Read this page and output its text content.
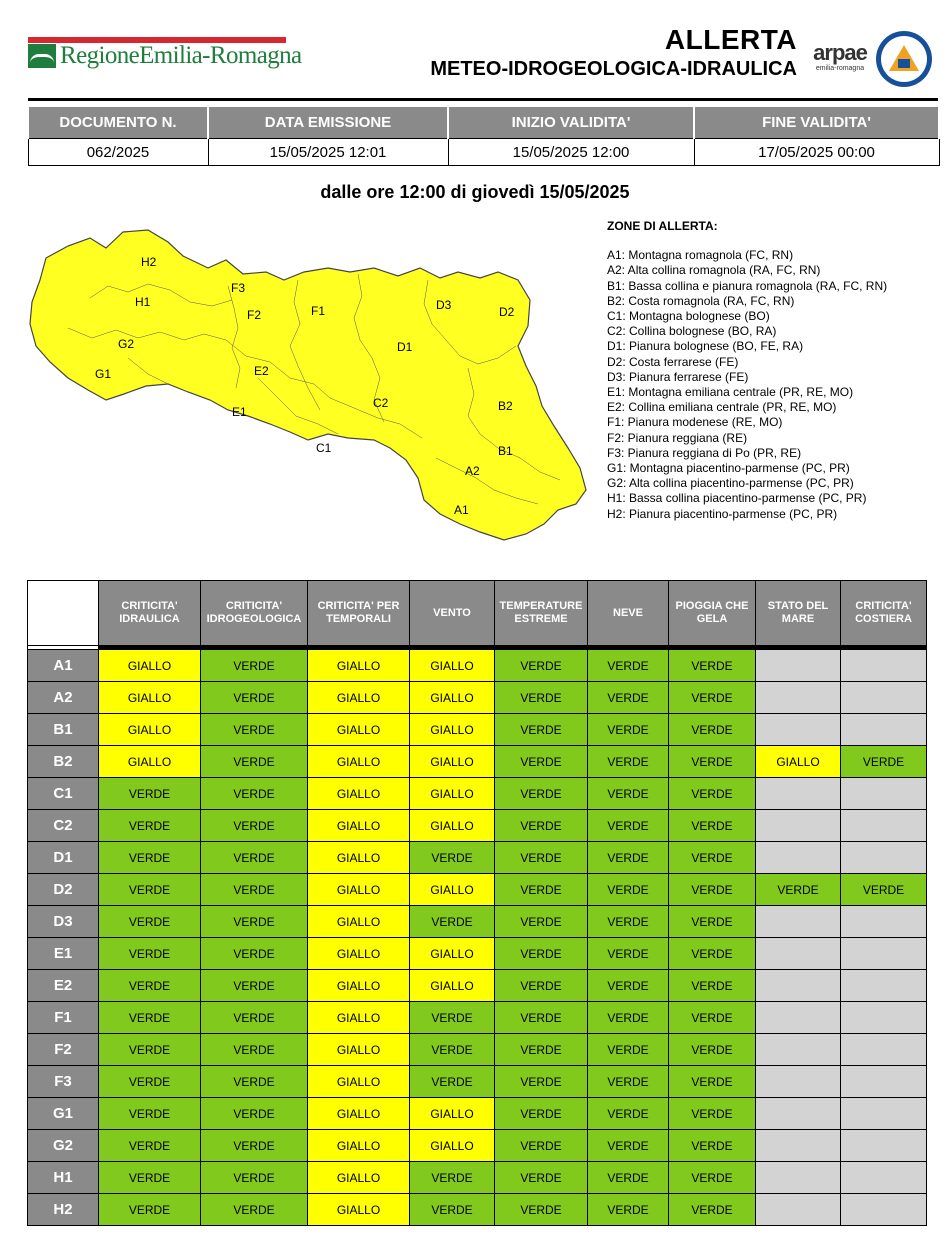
RegioneEmilia-Romagna
ALLERTA
METEO-IDROGEOLOGICA-IDRAULICA
arpae
emilia-romagna
DOCUMENTO N.	DATA EMISSIONE	INIZIO VALIDITA'	FINE VALIDITA'
062/2025	15/05/2025 12:01	15/05/2025 12:00	17/05/2025 00:00
dalle ore 12:00 di giovedì 15/05/2025
H2
F3
H1
F2	F1	D3	D2
G2	D1
G1	E2
E1
C2	B2
C1	B1
A2
A1
ZONE DI ALLERTA:
A1: Montagna romagnola (FC, RN)
A2: Alta collina romagnola (RA, FC, RN)
B1: Bassa collina e pianura romagnola (RA, FC, RN)
B2: Costa romagnola (RA, FC, RN)
C1: Montagna bolognese (BO)
C2: Collina bolognese (BO, RA)
D1: Pianura bolognese (BO, FE, RA)
D2: Costa ferrarese (FE)
D3: Pianura ferrarese (FE)
E1: Montagna emiliana centrale (PR, RE, MO)
E2: Collina emiliana centrale (PR, RE, MO)
F1: Pianura modenese (RE, MO)
F2: Pianura reggiana (RE)
F3: Pianura reggiana di Po (PR, RE)
G1: Montagna piacentino-parmense (PC, PR)
G2: Alta collina piacentino-parmense (PC, PR)
H1: Bassa collina piacentino-parmense (PC, PR)
H2: Pianura piacentino-parmense (PC, PR)
	CRITICITA' IDRAULICA	CRITICITA' IDROGEOLOGICA	CRITICITA' PER TEMPORALI	VENTO	TEMPERATURE ESTREME	NEVE	PIOGGIA CHE GELA	STATO DEL MARE	CRITICITA' COSTIERA

A1	GIALLO	VERDE	GIALLO	GIALLO	VERDE	VERDE	VERDE		
A2	GIALLO	VERDE	GIALLO	GIALLO	VERDE	VERDE	VERDE		
B1	GIALLO	VERDE	GIALLO	GIALLO	VERDE	VERDE	VERDE		
B2	GIALLO	VERDE	GIALLO	GIALLO	VERDE	VERDE	VERDE	GIALLO	VERDE
C1	VERDE	VERDE	GIALLO	GIALLO	VERDE	VERDE	VERDE		
C2	VERDE	VERDE	GIALLO	GIALLO	VERDE	VERDE	VERDE		
D1	VERDE	VERDE	GIALLO	VERDE	VERDE	VERDE	VERDE		
D2	VERDE	VERDE	GIALLO	GIALLO	VERDE	VERDE	VERDE	VERDE	VERDE
D3	VERDE	VERDE	GIALLO	VERDE	VERDE	VERDE	VERDE		
E1	VERDE	VERDE	GIALLO	GIALLO	VERDE	VERDE	VERDE		
E2	VERDE	VERDE	GIALLO	GIALLO	VERDE	VERDE	VERDE		
F1	VERDE	VERDE	GIALLO	VERDE	VERDE	VERDE	VERDE		
F2	VERDE	VERDE	GIALLO	VERDE	VERDE	VERDE	VERDE		
F3	VERDE	VERDE	GIALLO	VERDE	VERDE	VERDE	VERDE		
G1	VERDE	VERDE	GIALLO	GIALLO	VERDE	VERDE	VERDE		
G2	VERDE	VERDE	GIALLO	GIALLO	VERDE	VERDE	VERDE		
H1	VERDE	VERDE	GIALLO	VERDE	VERDE	VERDE	VERDE		
H2	VERDE	VERDE	GIALLO	VERDE	VERDE	VERDE	VERDE		
